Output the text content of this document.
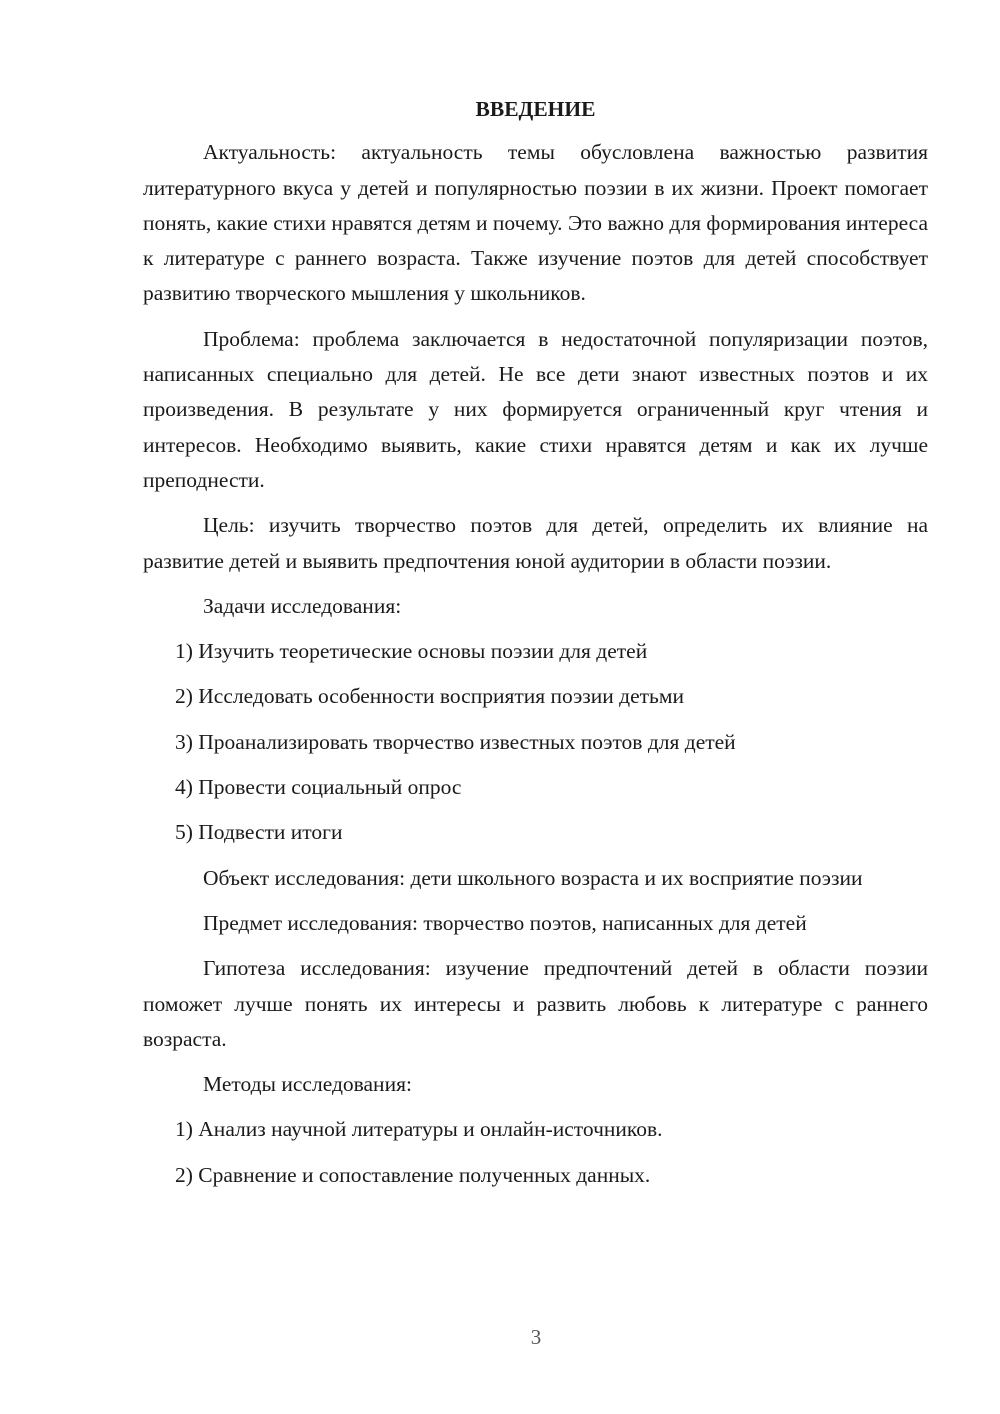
ВВЕДЕНИЕ

Актуальность: актуальность темы обусловлена важностью развития литературного вкуса у детей и популярностью поэзии в их жизни. Проект помогает понять, какие стихи нравятся детям и почему. Это важно для формирования интереса к литературе с раннего возраста. Также изучение поэтов для детей способствует развитию творческого мышления у школьников.

Проблема: проблема заключается в недостаточной популяризации поэтов, написанных специально для детей. Не все дети знают известных поэтов и их произведения. В результате у них формируется ограниченный круг чтения и интересов. Необходимо выявить, какие стихи нравятся детям и как их лучше преподнести.

Цель: изучить творчество поэтов для детей, определить их влияние на развитие детей и выявить предпочтения юной аудитории в области поэзии.

Задачи исследования:

1) Изучить теоретические основы поэзии для детей

2) Исследовать особенности восприятия поэзии детьми

3) Проанализировать творчество известных поэтов для детей

4) Провести социальный опрос

5) Подвести итоги

Объект исследования: дети школьного возраста и их восприятие поэзии

Предмет исследования: творчество поэтов, написанных для детей

Гипотеза исследования: изучение предпочтений детей в области поэзии поможет лучше понять их интересы и развить любовь к литературе с раннего возраста.

Методы исследования:

1) Анализ научной литературы и онлайн-источников.

2) Сравнение и сопоставление полученных данных.

3
